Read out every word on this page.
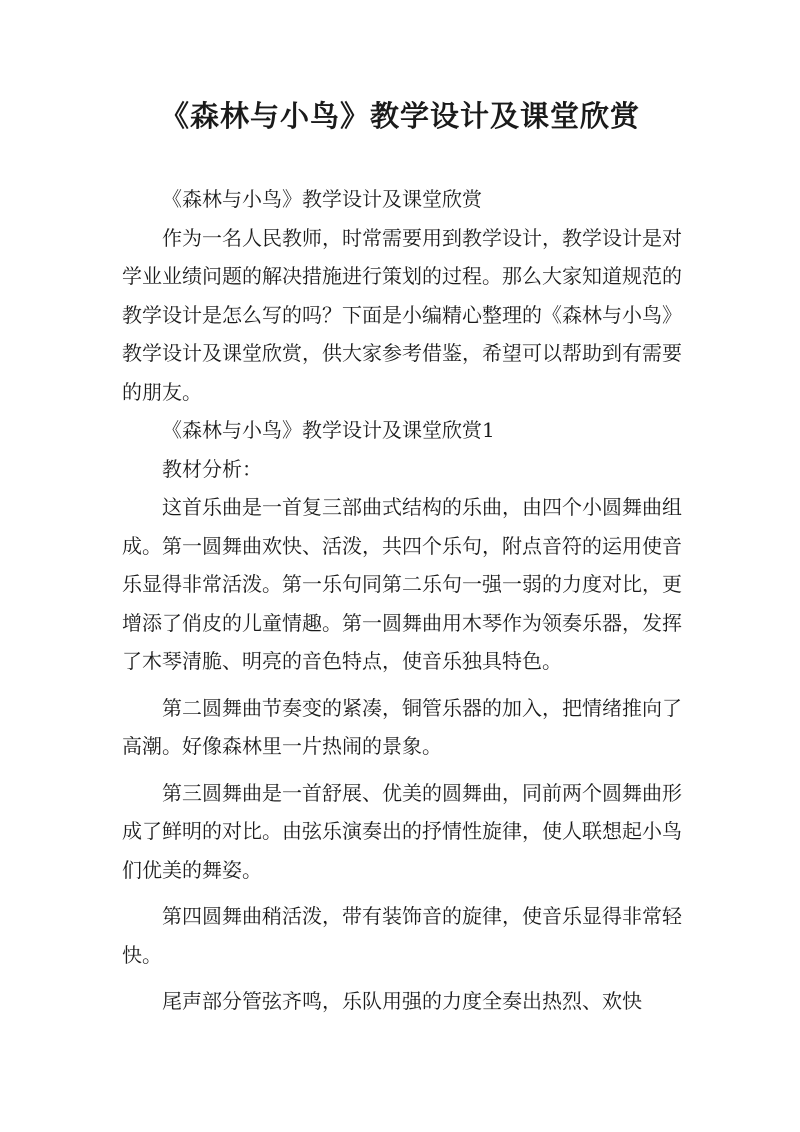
《森林与小鸟》教学设计及课堂欣赏

《森林与小鸟》教学设计及课堂欣赏

作为一名人民教师，时常需要用到教学设计，教学设计是对学业业绩问题的解决措施进行策划的过程。那么大家知道规范的教学设计是怎么写的吗？下面是小编精心整理的《森林与小鸟》教学设计及课堂欣赏，供大家参考借鉴，希望可以帮助到有需要的朋友。

《森林与小鸟》教学设计及课堂欣赏1

教材分析：

这首乐曲是一首复三部曲式结构的乐曲，由四个小圆舞曲组成。第一圆舞曲欢快、活泼，共四个乐句，附点音符的运用使音乐显得非常活泼。第一乐句同第二乐句一强一弱的力度对比，更增添了俏皮的儿童情趣。第一圆舞曲用木琴作为领奏乐器，发挥了木琴清脆、明亮的音色特点，使音乐独具特色。

第二圆舞曲节奏变的紧凑，铜管乐器的加入，把情绪推向了高潮。好像森林里一片热闹的景象。

第三圆舞曲是一首舒展、优美的圆舞曲，同前两个圆舞曲形成了鲜明的对比。由弦乐演奏出的抒情性旋律，使人联想起小鸟们优美的舞姿。

第四圆舞曲稍活泼，带有装饰音的旋律，使音乐显得非常轻快。

尾声部分管弦齐鸣，乐队用强的力度全奏出热烈、欢快
